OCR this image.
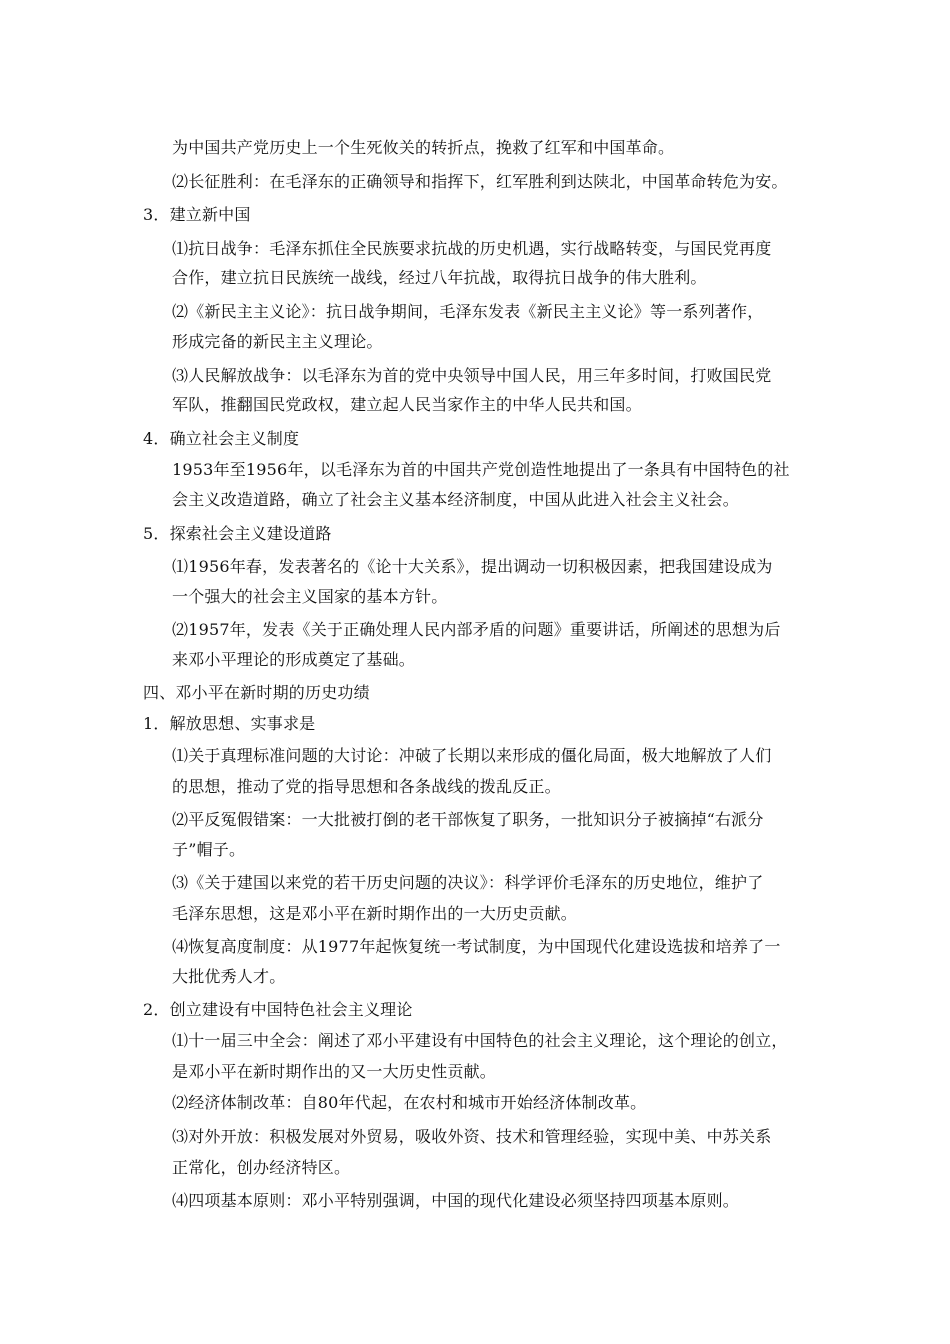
为中国共产党历史上一个生死攸关的转折点，挽救了红军和中国革命。
⑵长征胜利：在毛泽东的正确领导和指挥下，红军胜利到达陕北，中国革命转危为安。
3．建立新中国
⑴抗日战争：毛泽东抓住全民族要求抗战的历史机遇，实行战略转变，与国民党再度
合作，建立抗日民族统一战线，经过八年抗战，取得抗日战争的伟大胜利。
⑵《新民主主义论》：抗日战争期间，毛泽东发表《新民主主义论》等一系列著作，
形成完备的新民主主义理论。
⑶人民解放战争：以毛泽东为首的党中央领导中国人民，用三年多时间，打败国民党
军队，推翻国民党政权，建立起人民当家作主的中华人民共和国。
4．确立社会主义制度
1953年至1956年，以毛泽东为首的中国共产党创造性地提出了一条具有中国特色的社
会主义改造道路，确立了社会主义基本经济制度，中国从此进入社会主义社会。
5．探索社会主义建设道路
⑴1956年春，发表著名的《论十大关系》，提出调动一切积极因素，把我国建设成为
一个强大的社会主义国家的基本方针。
⑵1957年，发表《关于正确处理人民内部矛盾的问题》重要讲话，所阐述的思想为后
来邓小平理论的形成奠定了基础。
四、邓小平在新时期的历史功绩
1．解放思想、实事求是
⑴关于真理标准问题的大讨论：冲破了长期以来形成的僵化局面，极大地解放了人们
的思想，推动了党的指导思想和各条战线的拨乱反正。
⑵平反冤假错案：一大批被打倒的老干部恢复了职务，一批知识分子被摘掉“右派分
子”帽子。
⑶《关于建国以来党的若干历史问题的决议》：科学评价毛泽东的历史地位，维护了
毛泽东思想，这是邓小平在新时期作出的一大历史贡献。
⑷恢复高度制度：从1977年起恢复统一考试制度，为中国现代化建设选拔和培养了一
大批优秀人才。
2．创立建设有中国特色社会主义理论
⑴十一届三中全会：阐述了邓小平建设有中国特色的社会主义理论，这个理论的创立，
是邓小平在新时期作出的又一大历史性贡献。
⑵经济体制改革：自80年代起，在农村和城市开始经济体制改革。
⑶对外开放：积极发展对外贸易，吸收外资、技术和管理经验，实现中美、中苏关系
正常化，创办经济特区。
⑷四项基本原则：邓小平特别强调，中国的现代化建设必须坚持四项基本原则。
